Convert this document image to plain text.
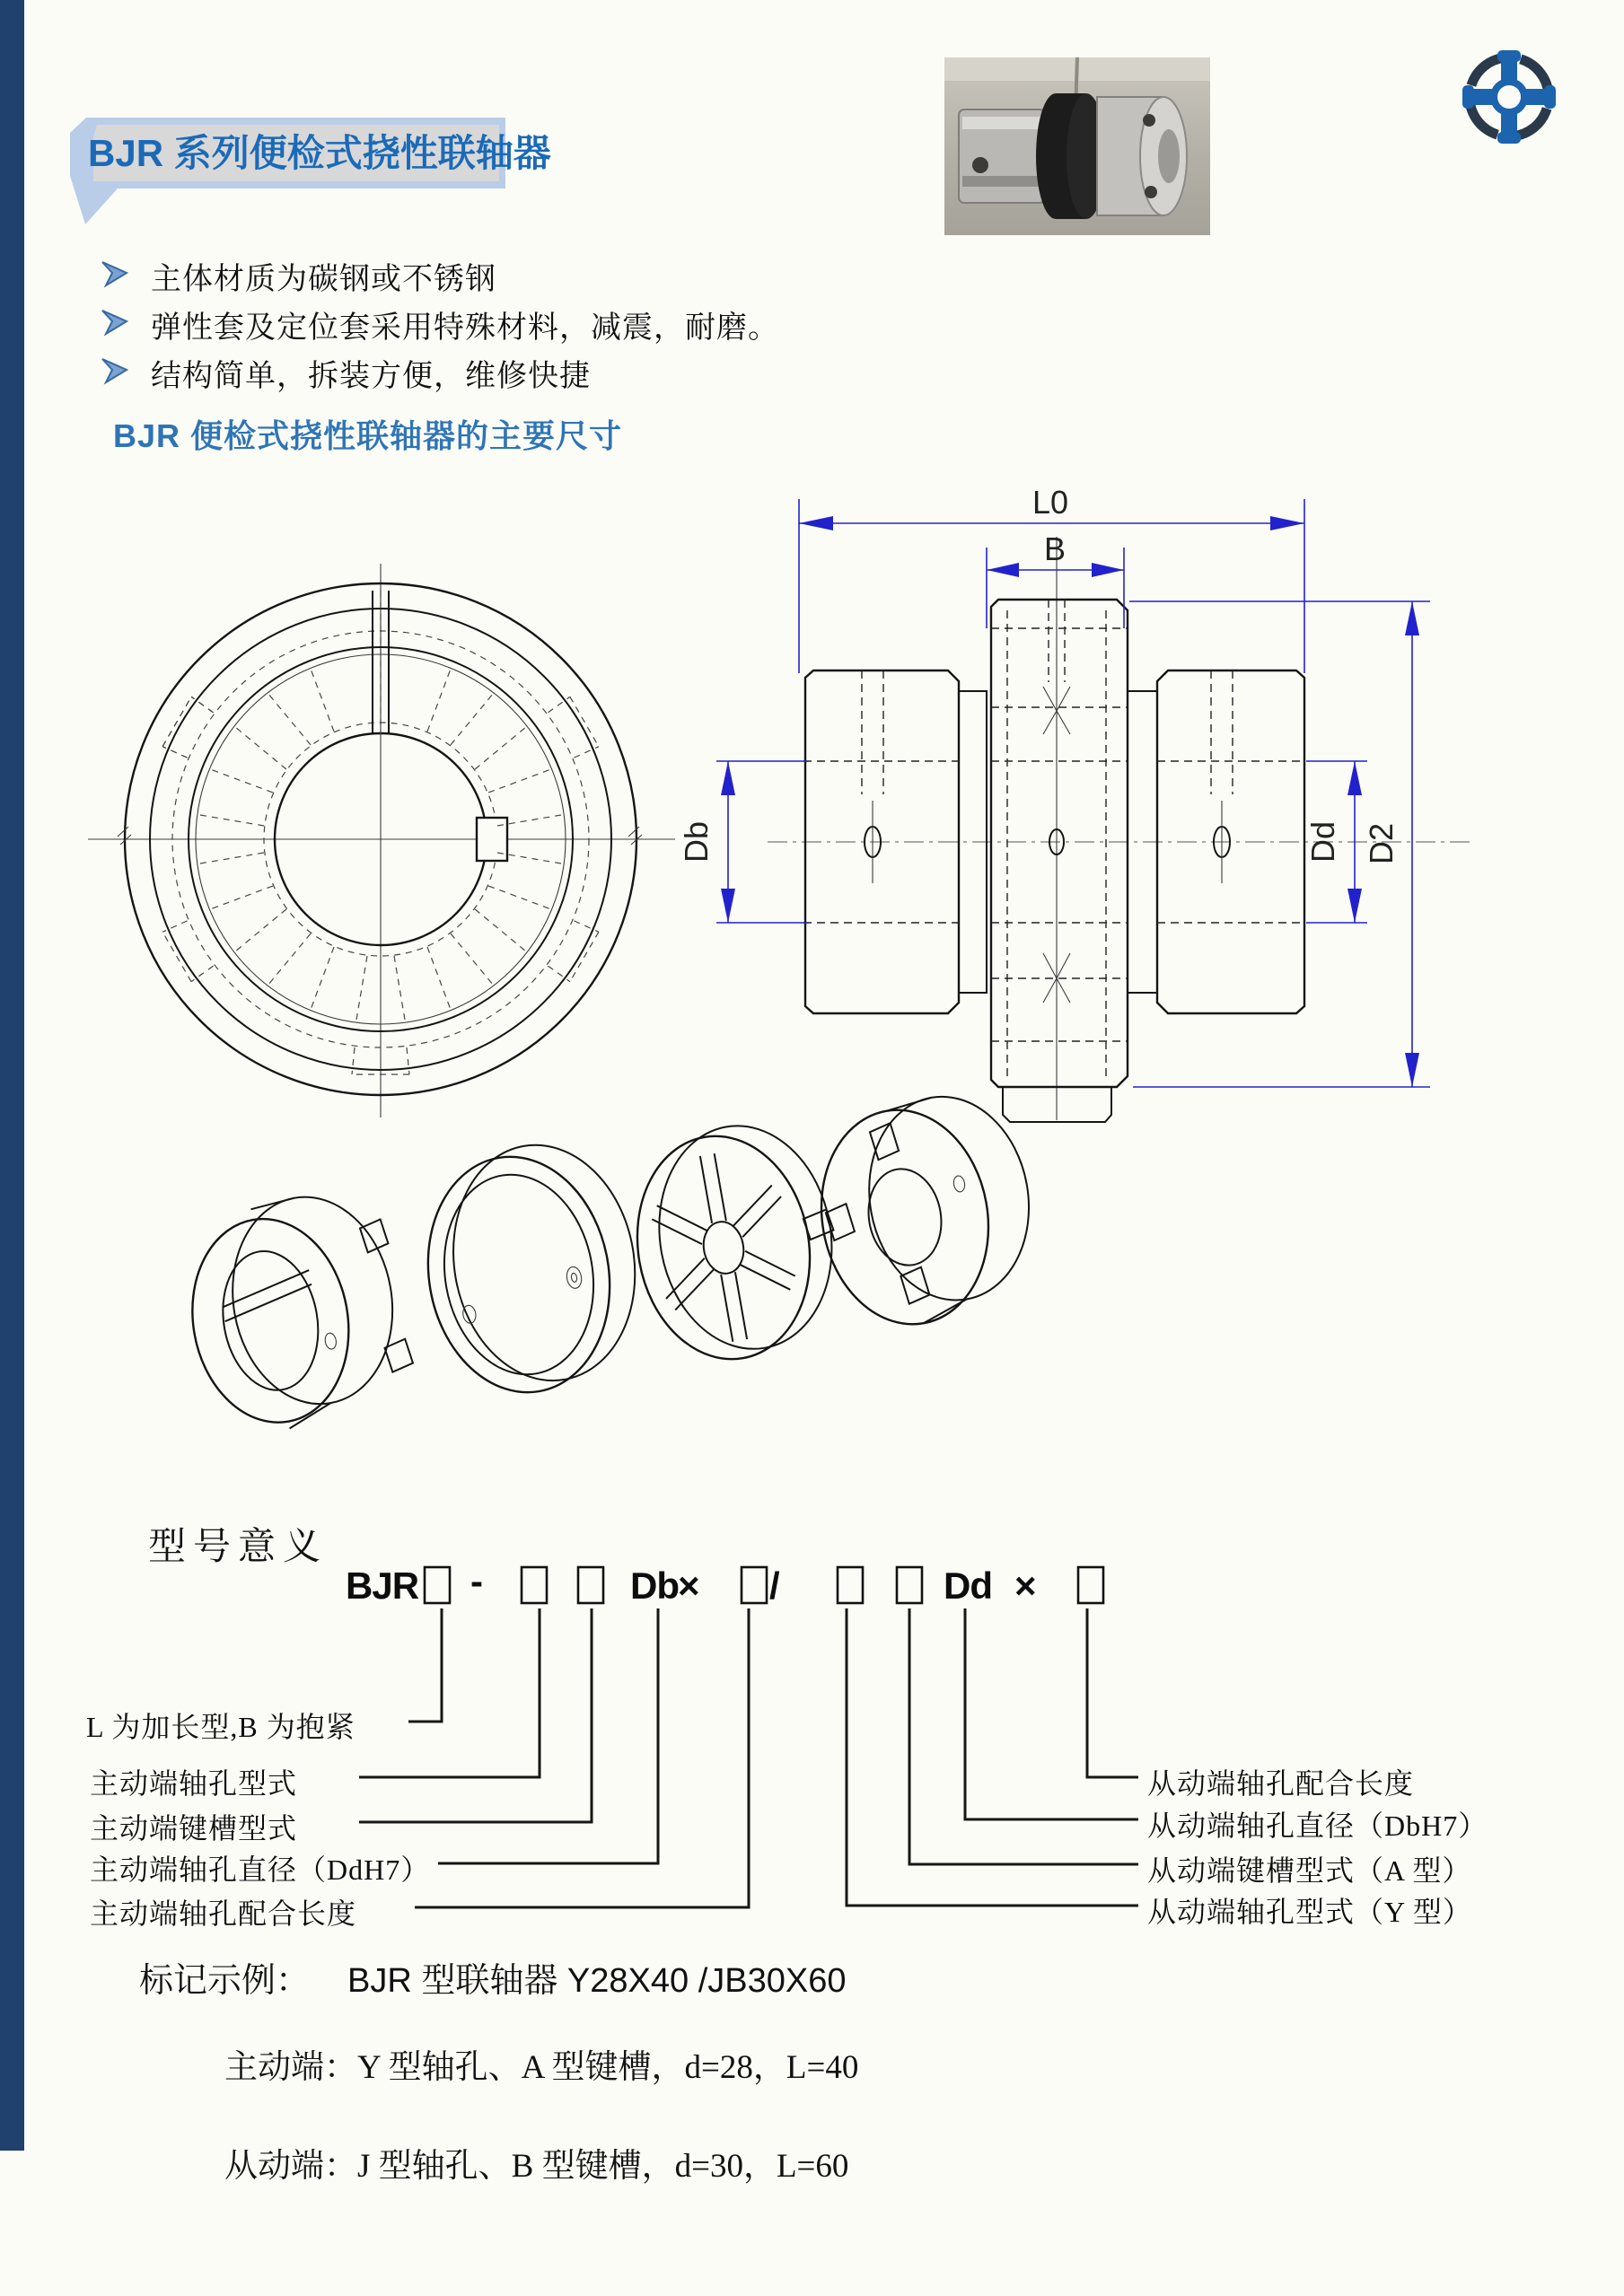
BJR 系列便检式挠性联轴器
主体材质为碳钢或不锈钢
弹性套及定位套采用特殊材料，减震，耐磨。
结构简单，拆装方便，维修快捷
BJR 便检式挠性联轴器的主要尺寸
L0
B
Db	Dd D2
BJR -	Db × /	Dd ×
型号意义
L 为加长型,B 为抱紧
主动端轴孔型式
主动端键槽型式
主动端轴孔直径（DdH7）
主动端轴孔配合长度
从动端轴孔配合长度
从动端轴孔直径（DbH7）
从动端键槽型式（A 型）
从动端轴孔型式（Y 型）
标记示例： BJR 型联轴器 Y28X40 /JB30X60
主动端：Y 型轴孔、A 型键槽，d=28，L=40
从动端：J 型轴孔、B 型键槽，d=30，L=60
